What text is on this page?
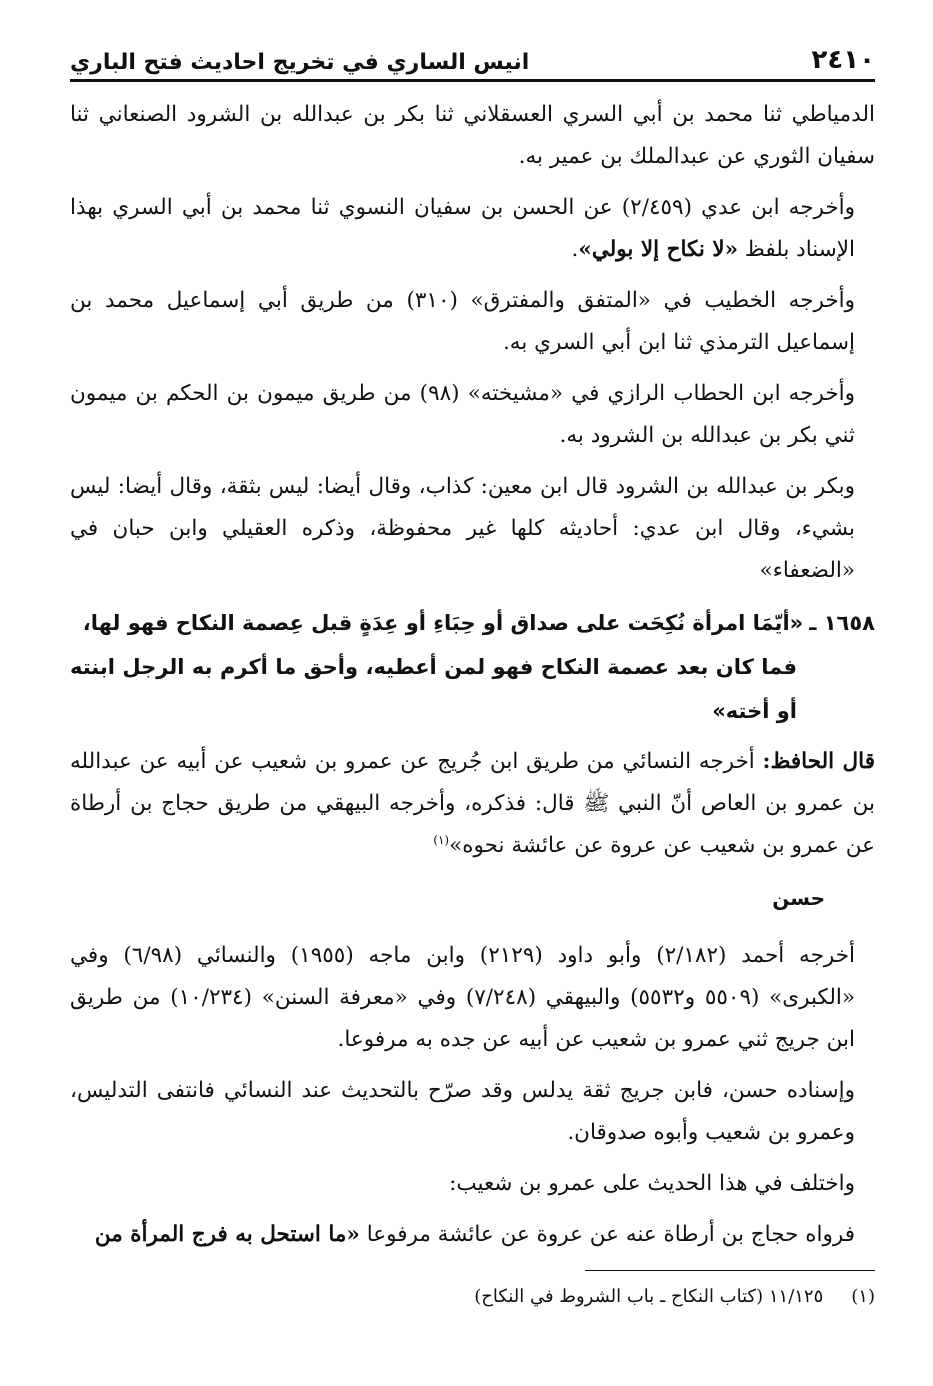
٢٤١٠
انيس الساري في تخريج احاديث فتح الباري

الدمياطي ثنا محمد بن أبي السري العسقلاني ثنا بكر بن عبدالله بن الشرود الصنعاني ثنا سفيان الثوري عن عبدالملك بن عمير به.

وأخرجه ابن عدي (٢/٤٥٩) عن الحسن بن سفيان النسوي ثنا محمد بن أبي السري بهذا الإسناد بلفظ «لا نكاح إلا بولي».

وأخرجه الخطيب في «المتفق والمفترق» (٣١٠) من طريق أبي إسماعيل محمد بن إسماعيل الترمذي ثنا ابن أبي السري به.

وأخرجه ابن الحطاب الرازي في «مشيخته» (٩٨) من طريق ميمون بن الحكم بن ميمون ثني بكر بن عبدالله بن الشرود به.

وبكر بن عبدالله بن الشرود قال ابن معين: كذاب، وقال أيضا: ليس بثقة، وقال أيضا: ليس بشيء، وقال ابن عدي: أحاديثه كلها غير محفوظة، وذكره العقيلي وابن حبان في «الضعفاء»

١٦٥٨ ـ«أيّمَا امرأة نُكِحَت على صداق أو حِبَاءِ أو عِدَةٍ قبل عِصمة النكاح فهو لها،
فما كان بعد عصمة النكاح فهو لمن أعطيه، وأحق ما أكرم به الرجل ابنته أو أخته»

قال الحافظ: أخرجه النسائي من طريق ابن جُريج عن عمرو بن شعيب عن أبيه عن عبدالله بن عمرو بن العاص أنّ النبي ﷺ قال: فذكره، وأخرجه البيهقي من طريق حجاج بن أرطاة عن عمرو بن شعيب عن عروة عن عائشة نحوه»$^{(١)}$

حسن

أخرجه أحمد (٢/١٨٢) وأبو داود (٢١٢٩) وابن ماجه (١٩٥٥) والنسائي (٦/٩٨) وفي «الكبرى» (٥٥٠٩ و٥٥٣٢) والبيهقي (٧/٢٤٨) وفي «معرفة السنن» (١٠/٢٣٤) من طريق ابن جريج ثني عمرو بن شعيب عن أبيه عن جده به مرفوعا.

وإسناده حسن، فابن جريج ثقة يدلس وقد صرّح بالتحديث عند النسائي فانتفى التدليس، وعمرو بن شعيب وأبوه صدوقان.

واختلف في هذا الحديث على عمرو بن شعيب:

فرواه حجاج بن أرطاة عنه عن عروة عن عائشة مرفوعا «ما استحل به فرج المرأة من

(١)١١/١٢٥ (كتاب النكاح ـ باب الشروط في النكاح)
